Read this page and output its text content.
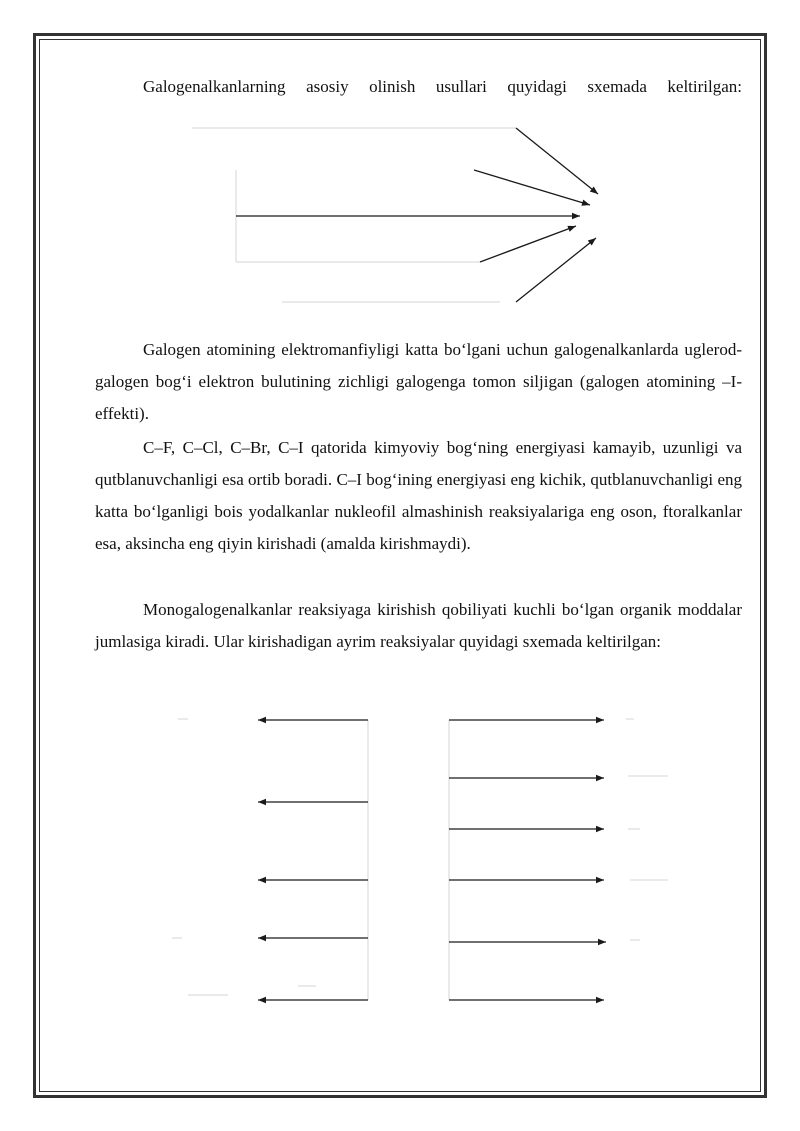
Galogenalkanlarning asosiy olinish usullari quyidagi sxemada keltirilgan:

Galogen atomining elektromanfiyligi katta bo‘lgani uchun galogenalkanlarda uglerod-galogen bog‘i elektron bulutining zichligi galogenga tomon siljigan (galogen atomining –I- effekti).

C–F, C–Cl, C–Br, C–I qatorida kimyoviy bog‘ning energiyasi kamayib, uzunligi va qutblanuvchanligi esa ortib boradi. C–I bog‘ining energiyasi eng kichik, qutblanuvchanligi eng katta bo‘lganligi bois yodalkanlar nukleofil almashinish reaksiyalariga eng oson, ftoralkanlar esa, aksincha eng qiyin kirishadi (amalda kirishmaydi).

Monogalogenalkanlar reaksiyaga kirishish qobiliyati kuchli bo‘lgan organik moddalar jumlasiga kiradi. Ular kirishadigan ayrim reaksiyalar quyidagi sxemada keltirilgan:
